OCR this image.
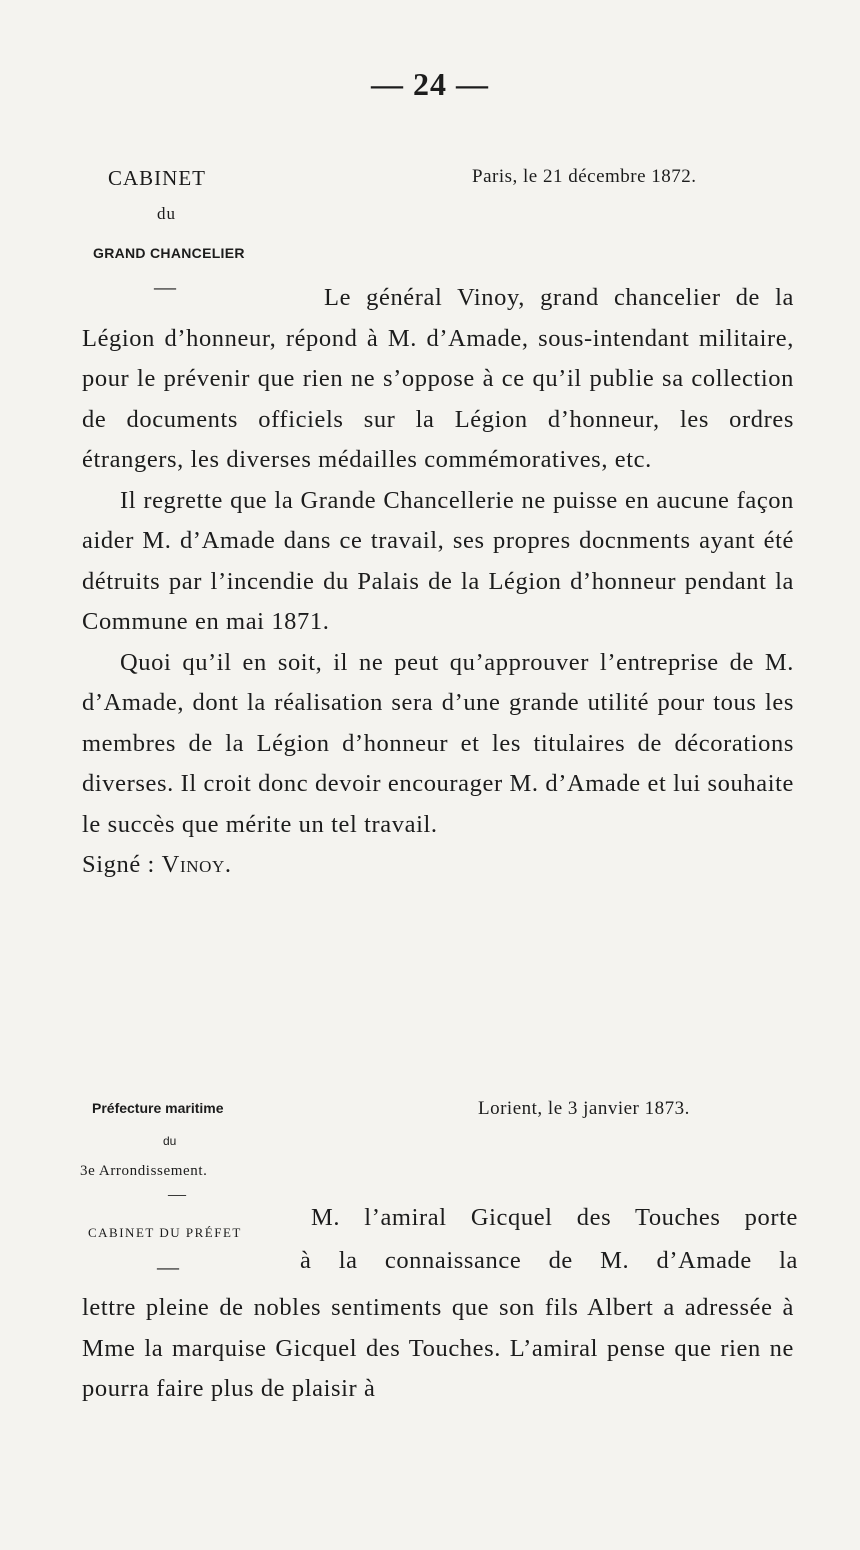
— 24 —
CABINET
du
GRAND CHANCELIER
Paris, le 21 décembre 1872.
—	Le général Vinoy, grand chancelier de la Légion d’honneur, répond à M. d’Amade, sous-intendant militaire, pour le prévenir que rien ne s’oppose à ce qu’il publie sa collection de documents officiels sur la Légion d’honneur, les ordres étrangers, les diverses médailles commémoratives, etc.

Il regrette que la Grande Chancellerie ne puisse en aucune façon aider M. d’Amade dans ce travail, ses propres docnments ayant été détruits par l’incendie du Palais de la Légion d’honneur pendant la Commune en mai 1871.

Quoi qu’il en soit, il ne peut qu’approuver l’entreprise de M. d’Amade, dont la réalisation sera d’une grande utilité pour tous les membres de la Légion d’honneur et les titulaires de décorations diverses. Il croit donc devoir encourager M. d’Amade et lui souhaite le succès que mérite un tel travail.

Signé : Vinoy.

Préfecture maritime
du
3e Arrondissement.
—
CABINET DU PRÉFET
—
Lorient, le 3 janvier 1873.
M. l’amiral Gicquel des Touches porte
à la connaissance de M. d’Amade la

lettre pleine de nobles sentiments que son fils Albert a adressée à Mme la marquise Gicquel des Touches. L’amiral pense que rien ne pourra faire plus de plaisir à
